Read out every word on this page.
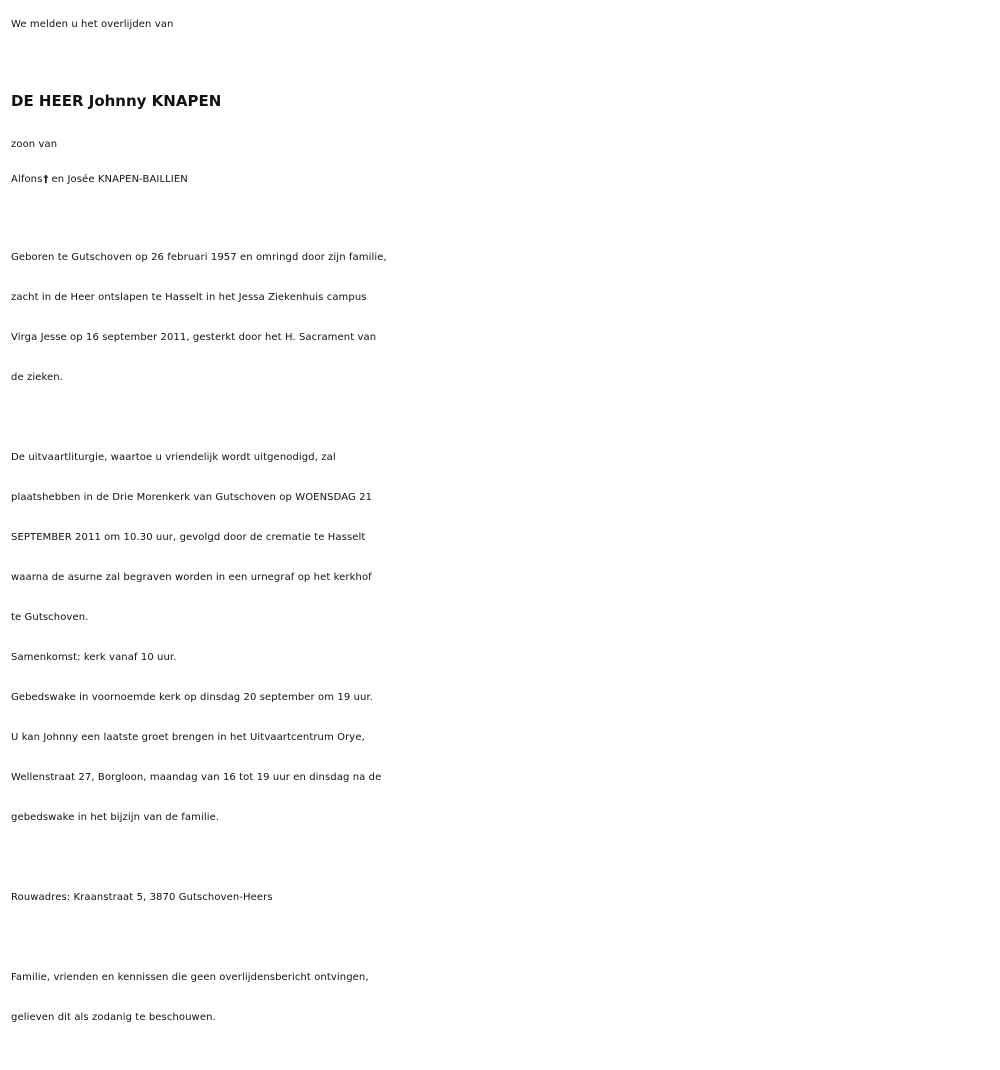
We melden u het overlijden van
DE HEER Johnny KNAPEN
zoon van
Alfons† en Josée KNAPEN-BAILLIEN
Geboren te Gutschoven op 26 februari 1957 en omringd door zijn familie,
zacht in de Heer ontslapen te Hasselt in het Jessa Ziekenhuis campus
Virga Jesse op 16 september 2011, gesterkt door het H. Sacrament van
de zieken.
De uitvaartliturgie, waartoe u vriendelijk wordt uitgenodigd, zal
plaatshebben in de Drie Morenkerk van Gutschoven op WOENSDAG 21
SEPTEMBER 2011 om 10.30 uur, gevolgd door de crematie te Hasselt
waarna de asurne zal begraven worden in een urnegraf op het kerkhof
te Gutschoven.
Samenkomst: kerk vanaf 10 uur.
Gebedswake in voornoemde kerk op dinsdag 20 september om 19 uur.
U kan Johnny een laatste groet brengen in het Uitvaartcentrum Orye,
Wellenstraat 27, Borgloon, maandag van 16 tot 19 uur en dinsdag na de
gebedswake in het bijzijn van de familie.
Rouwadres: Kraanstraat 5, 3870 Gutschoven-Heers
Familie, vrienden en kennissen die geen overlijdensbericht ontvingen,
gelieven dit als zodanig te beschouwen.
